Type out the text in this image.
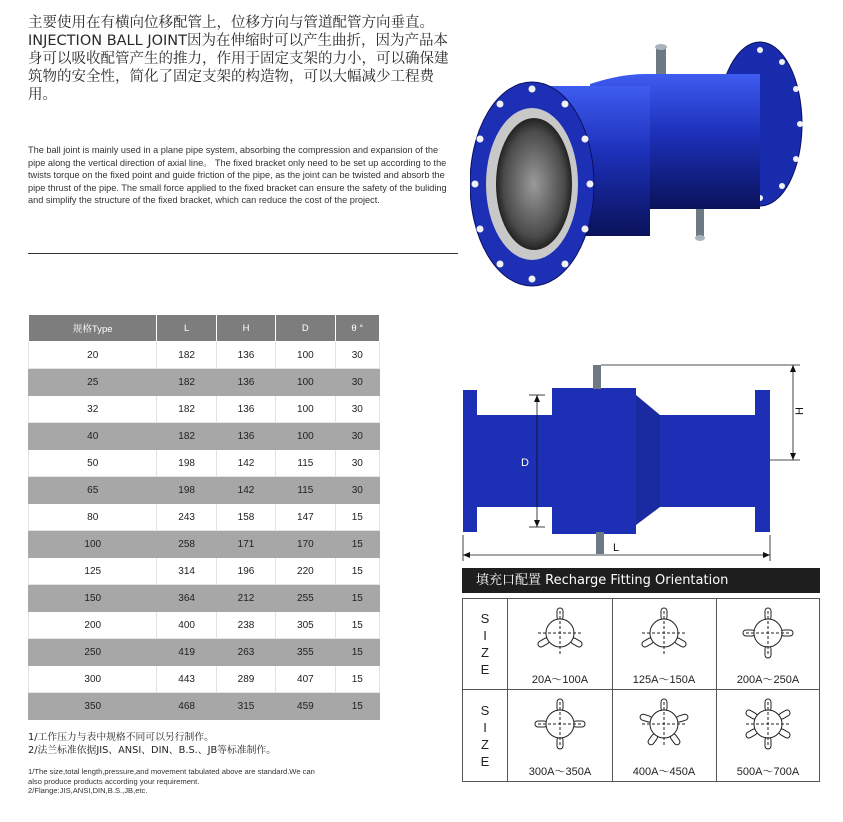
主要使用在有横向位移配管上，位移方向与管道配管方向垂直。INJECTION BALL JOINT因为在伸缩时可以产生曲折，因为产品本身可以吸收配管产生的推力，作用于固定支架的力小，可以确保建筑物的安全性，简化了固定支架的构造物，可以大幅减少工程费用。
The ball joint is mainly used in a plane pipe system, absorbing the compression and expansion of the pipe along the vertical direction of axial line。 The fixed bracket only need to be set up according to the twists torque on the fixed point and guide friction of the pipe, as the joint can be twisted and absorb the pipe thrust of the pipe. The small force applied to the fixed bracket can ensure the safety of the buliding and simplify the structure of the fixed bracket, which can reduce the cost of the project.
D
H
L
规格Type	L	H	D	θ °
20	182	136	100	30
25	182	136	100	30
32	182	136	100	30
40	182	136	100	30
50	198	142	115	30
65	198	142	115	30
80	243	158	147	15
100	258	171	170	15
125	314	196	220	15
150	364	212	255	15
200	400	238	305	15
250	419	263	355	15
300	443	289	407	15
350	468	315	459	15
1/工作压力与表中规格不同可以另行制作。
2/法兰标准依据JIS、ANSI、DIN、B.S.、JB等标准制作。
1/The size,total length,pressure,and movement tabulated above are standard.We can also produce products according your requirement.
2/Flange:JIS,ANSI,DIN,B.S.,JB,etc.
填充口配置 Recharge Fitting Orientation
S
I
Z
E
S
I
Z
E
20A～100A	125A～150A	200A～250A
300A～350A	400A～450A	500A～700A
